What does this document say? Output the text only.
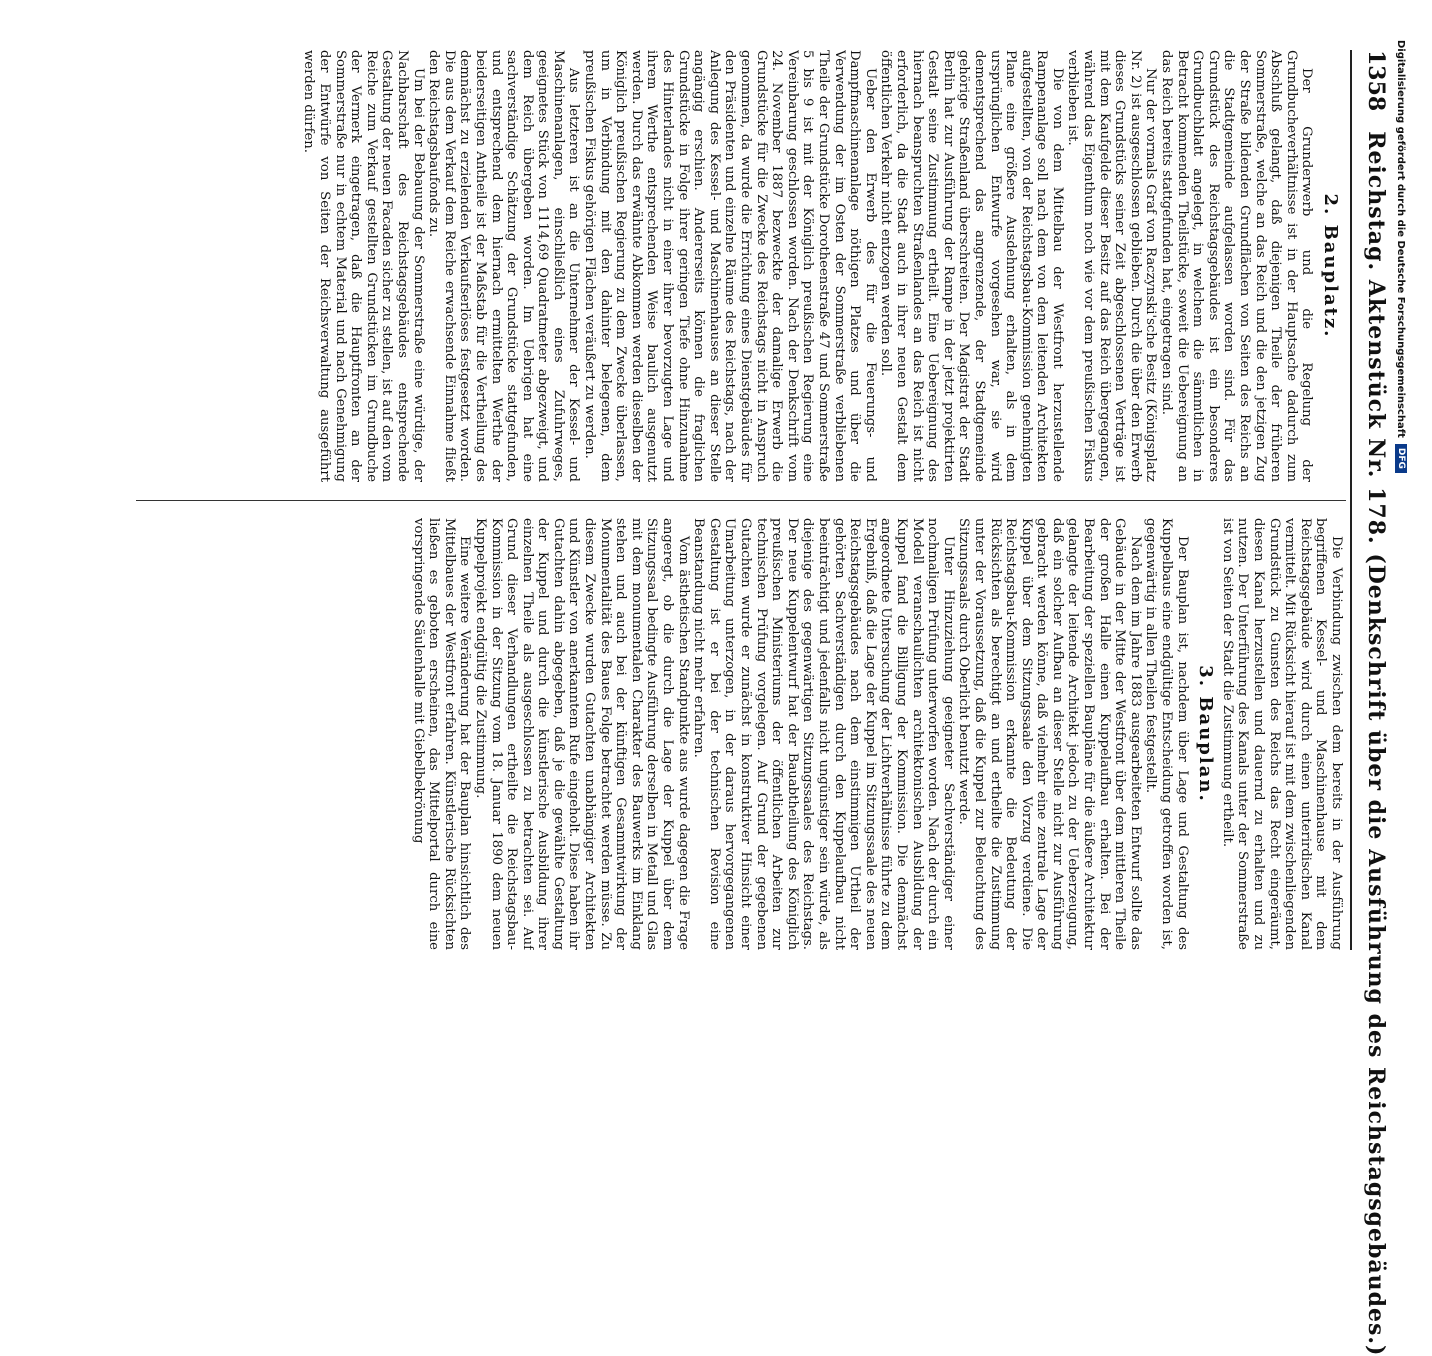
1358
Reichstag. Aktenstück Nr. 178. (Denkschrift über die Ausführung des Reichstagsgebäudes.)
2. Bauplatz.

Der Grunderwerb und die Regelung der Grundbucheverhältnisse ist in der Hauptsache dadurch zum Abschluß gelangt, daß diejenigen Theile der früheren Sommerstraße, welche an das Reich und die den jetzigen Zug der Straße bildenden Grundflächen von Seiten des Reichs an die Stadtgemeinde aufgelassen worden sind. Für das Grundstück des Reichstagsgebäudes ist ein besonderes Grundbuchblatt angelegt, in welchem die sämmtlichen in Betracht kommenden Theilstücke, soweit die Uebereignung an das Reich bereits stattgefunden hat, eingetragen sind.

Nur der vormals Graf von Raczynski'sche Besitz (Königsplatz Nr. 2) ist ausgeschlossen geblieben. Durch die über den Erwerb dieses Grundstücks seiner Zeit abgeschlossenen Verträge ist mit dem Kaufgelde dieser Besitz auf das Reich übergegangen, während das Eigenthum noch wie vor dem preußischen Fiskus verblieben ist.

Die von dem Mittelbau der Westfront herzustellende Rampenanlage soll nach dem von dem leitenden Architekten aufgestellten, von der Reichstagsbau-Kommission genehmigten Plane eine größere Ausdehnung erhalten, als in dem ursprünglichen Entwurfe vorgesehen war, sie wird dementsprechend das angrenzende, der Stadtgemeinde gehörige Straßenland überschreiten. Der Magistrat der Stadt Berlin hat zur Ausführung der Rampe in der jetzt projektirten Gestalt seine Zustimmung ertheilt. Eine Uebereignung des hiernach beanspruchten Straßenlandes an das Reich ist nicht erforderlich, da die Stadt auch in ihrer neuen Gestalt dem öffentlichen Verkehr nicht entzogen werden soll.

Ueber den Erwerb des für die Feuerungs- und Dampfmaschinenanlage nöthigen Platzes und über die Verwendung der im Osten der Sommerstraße verbliebenen Theile der Grundstücke Dorotheenstraße 47 und Sommerstraße 5 bis 9 ist mit der Königlich preußischen Regierung eine Vereinbarung geschlossen worden. Nach der Denkschrift vom 24. November 1887 bezweckte der damalige Erwerb die Grundstücke für die Zwecke des Reichstags nicht in Anspruch genommen, da wurde die Errichtung eines Dienstgebäudes für den Präsidenten und einzelne Räume des Reichstags, nach der Anlegung des Kessel- und Maschinenhauses an dieser Stelle angängig erschien. Andererseits können die fraglichen Grundstücke in Folge ihrer geringen Tiefe ohne Hinzunahme des Hinterlandes nicht in einer ihrer bevorzugten Lage und ihrem Werthe entsprechenden Weise baulich ausgenutzt werden. Durch das erwähnte Abkommen werden dieselben der Königlich preußischen Regierung zu dem Zwecke überlassen, um in Verbindung mit den dahinter belegenen, dem preußischen Fiskus gehörigen Flächen veräußert zu werden.

Aus letzteren ist an die Unternehmer der Kessel- und Maschinenanlagen, einschließlich eines Zufuhrweges, geeignetes Stück von 1114,69 Quadratmeter abgezweigt, und dem Reich übergeben worden. Im Uebrigen hat eine sachverständige Schätzung der Grundstücke stattgefunden, und entsprechend dem hiernach ermittelten Werthe der beiderseitigen Antheile ist der Maßstab für die Vertheilung des demnächst zu erzielenden Verkaufserlöses festgesetzt worden. Die aus dem Verkauf dem Reiche erwachsende Einnahme fließt den Reichstagsbaufonds zu.

Um bei der Bebauung der Sommerstraße eine würdige, der Nachbarschaft des Reichstagsgebäudes entsprechende Gestaltung der neuen Facaden sicher zu stellen, ist auf den vom Reiche zum Verkauf gestellten Grundstücken im Grundbuche der Vermerk eingetragen, daß die Hauptfronten an der Sommerstraße nur in echtem Material und nach Genehmigung der Entwürfe von Seiten der Reichsverwaltung ausgeführt werden dürfen.

Die Verbindung zwischen dem bereits in der Ausführung begriffenen Kessel- und Maschinenhause mit dem Reichstagsgebäude wird durch einen unterirdischen Kanal vermittelt. Mit Rücksicht hierauf ist mit dem zwischenliegenden Grundstück zu Gunsten des Reichs das Recht eingeräumt, diesen Kanal herzustellen und dauernd zu erhalten und zu nutzen. Der Unterführung des Kanals unter der Sommerstraße ist von Seiten der Stadt die Zustimmung ertheilt.

3. Bauplan.

Der Bauplan ist, nachdem über Lage und Gestaltung des Kuppelbaus eine endgültige Entscheidung getroffen worden ist, gegenwärtig in allen Theilen festgestellt.

Nach dem im Jahre 1883 ausgearbeiteten Entwurf sollte das Gebäude in der Mitte der Westfront über dem mittleren Theile der großen Halle einen Kuppelaufbau erhalten. Bei der Bearbeitung der speziellen Baupläne für die äußere Architektur gelangte der leitende Architekt jedoch zu der Ueberzeugung, daß ein solcher Aufbau an dieser Stelle nicht zur Ausführung gebracht werden könne, daß vielmehr eine zentrale Lage der Kuppel über dem Sitzungssaale den Vorzug verdiene. Die Reichstagsbau-Kommission erkannte die Bedeutung der Rücksichten als berechtigt an und ertheilte die Zustimmung unter der Voraussetzung, daß die Kuppel zur Beleuchtung des Sitzungssaals durch Oberlicht benutzt werde.

Unter Hinzuziehung geeigneter Sachverständiger einer nochmaligen Prüfung unterworfen worden. Nach der durch ein Modell veranschaulichten architektonischen Ausbildung der Kuppel fand die Billigung der Kommission. Die demnächst angeordnete Untersuchung der Lichtverhältnisse führte zu dem Ergebniß, daß die Lage der Kuppel im Sitzungssaale des neuen Reichstagsgebäudes nach dem einstimmigen Urtheil der gehörten Sachverständigen durch den Kuppelaufbau nicht beeinträchtigt und jedenfalls nicht ungünstiger sein würde, als diejenige des gegenwärtigen Sitzungssaales des Reichstags. Der neue Kuppelentwurf hat der Bauabtheilung des Königlich preußischen Ministeriums der öffentlichen Arbeiten zur technischen Prüfung vorgelegen. Auf Grund der gegebenen Gutachten wurde er zunächst in konstruktiver Hinsicht einer Umarbeitung unterzogen, in der daraus hervorgegangenen Gestaltung ist er bei der technischen Revision eine Beanstandung nicht mehr erfahren.

Vom ästhetischen Standpunkte aus wurde dagegen die Frage angeregt, ob die durch die Lage der Kuppel über dem Sitzungssaal bedingte Ausführung derselben in Metall und Glas mit dem monumentalen Charakter des Bauwerks im Einklang stehen und auch bei der künftigen Gesammtwirkung der Monumentalität des Baues Folge betrachtet werden müsse. Zu diesem Zwecke wurden Gutachten unabhängiger Architekten und Künstler von anerkanntem Rufe eingeholt. Diese haben ihr Gutachten dahin abgegeben, daß je die gewählte Gestaltung der Kuppel und durch die künstlerische Ausbildung ihrer einzelnen Theile als ausgeschlossen zu betrachten sei. Auf Grund dieser Verhandlungen ertheilte die Reichstagsbau-Kommission in der Sitzung vom 18. Januar 1890 dem neuen Kuppelprojekt endgültig die Zustimmung.

Eine weitere Veränderung hat der Bauplan hinsichtlich des Mittelbaues der Westfront erfahren. Künstlerische Rücksichten ließen es geboten erscheinen, das Mittelportal durch eine vorspringende Säulenhalle mit Giebelbekrönung

Digitalisierung gefördert durch die Deutsche Forschungsgemeinschaft
DFG
